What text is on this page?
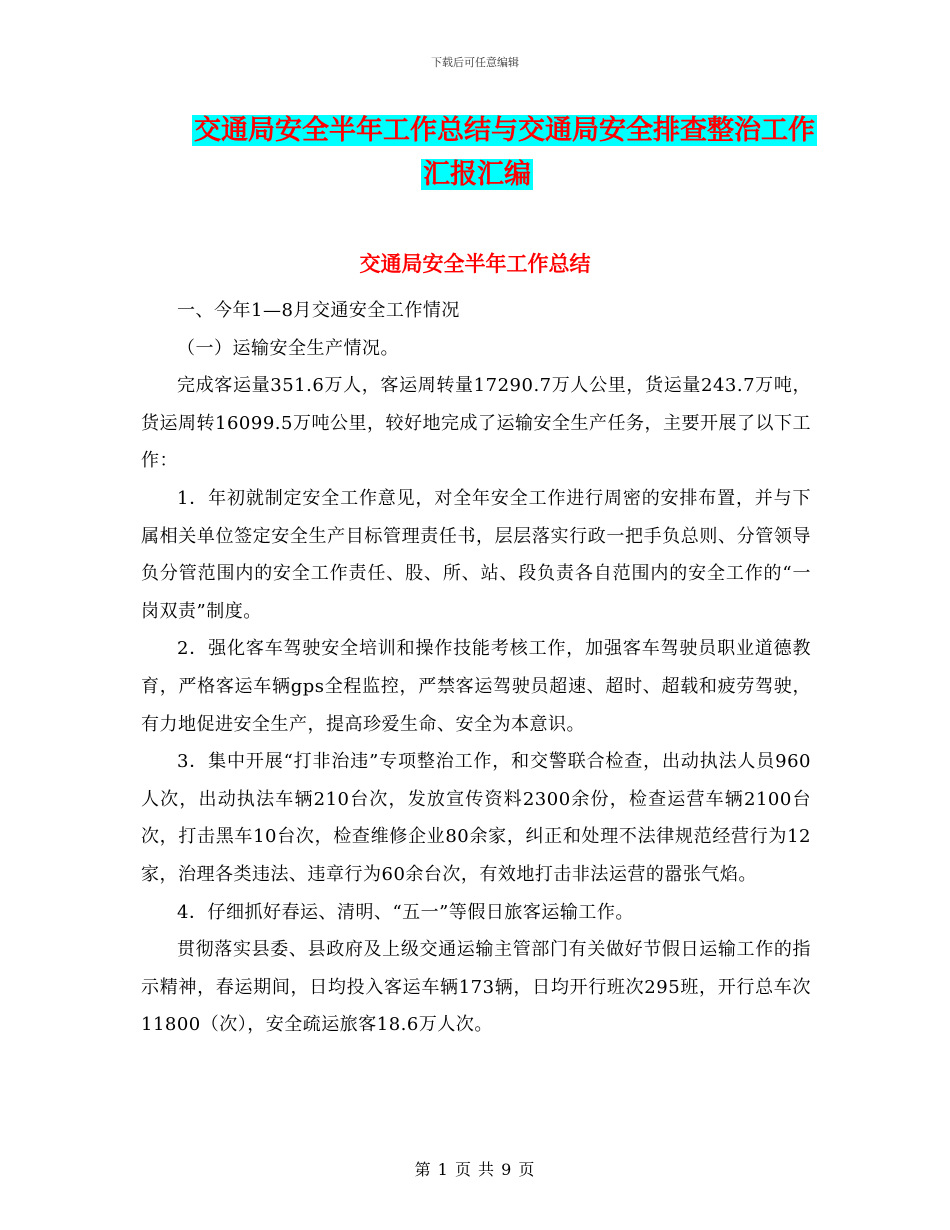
下载后可任意编辑
交通局安全半年工作总结与交通局安全排查整治工作
汇报汇编
交通局安全半年工作总结

一、今年1—8月交通安全工作情况

（一）运输安全生产情况。

完成客运量351.6万人，客运周转量17290.7万人公里，货运量243.7万吨，货运周转16099.5万吨公里，较好地完成了运输安全生产任务，主要开展了以下工作：

1．年初就制定安全工作意见，对全年安全工作进行周密的安排布置，并与下属相关单位签定安全生产目标管理责任书，层层落实行政一把手负总则、分管领导负分管范围内的安全工作责任、股、所、站、段负责各自范围内的安全工作的“一岗双责”制度。

2．强化客车驾驶安全培训和操作技能考核工作，加强客车驾驶员职业道德教育，严格客运车辆gps全程监控，严禁客运驾驶员超速、超时、超载和疲劳驾驶，有力地促进安全生产，提高珍爱生命、安全为本意识。

3．集中开展“打非治违”专项整治工作，和交警联合检查，出动执法人员960人次，出动执法车辆210台次，发放宣传资料2300余份，检查运营车辆2100台次，打击黑车10台次，检查维修企业80余家，纠正和处理不法律规范经营行为12家，治理各类违法、违章行为60余台次，有效地打击非法运营的嚣张气焰。

4．仔细抓好春运、清明、“五一”等假日旅客运输工作。

贯彻落实县委、县政府及上级交通运输主管部门有关做好节假日运输工作的指示精神，春运期间，日均投入客运车辆173辆，日均开行班次295班，开行总车次11800（次），安全疏运旅客18.6万人次。

第 1 页 共 9 页
